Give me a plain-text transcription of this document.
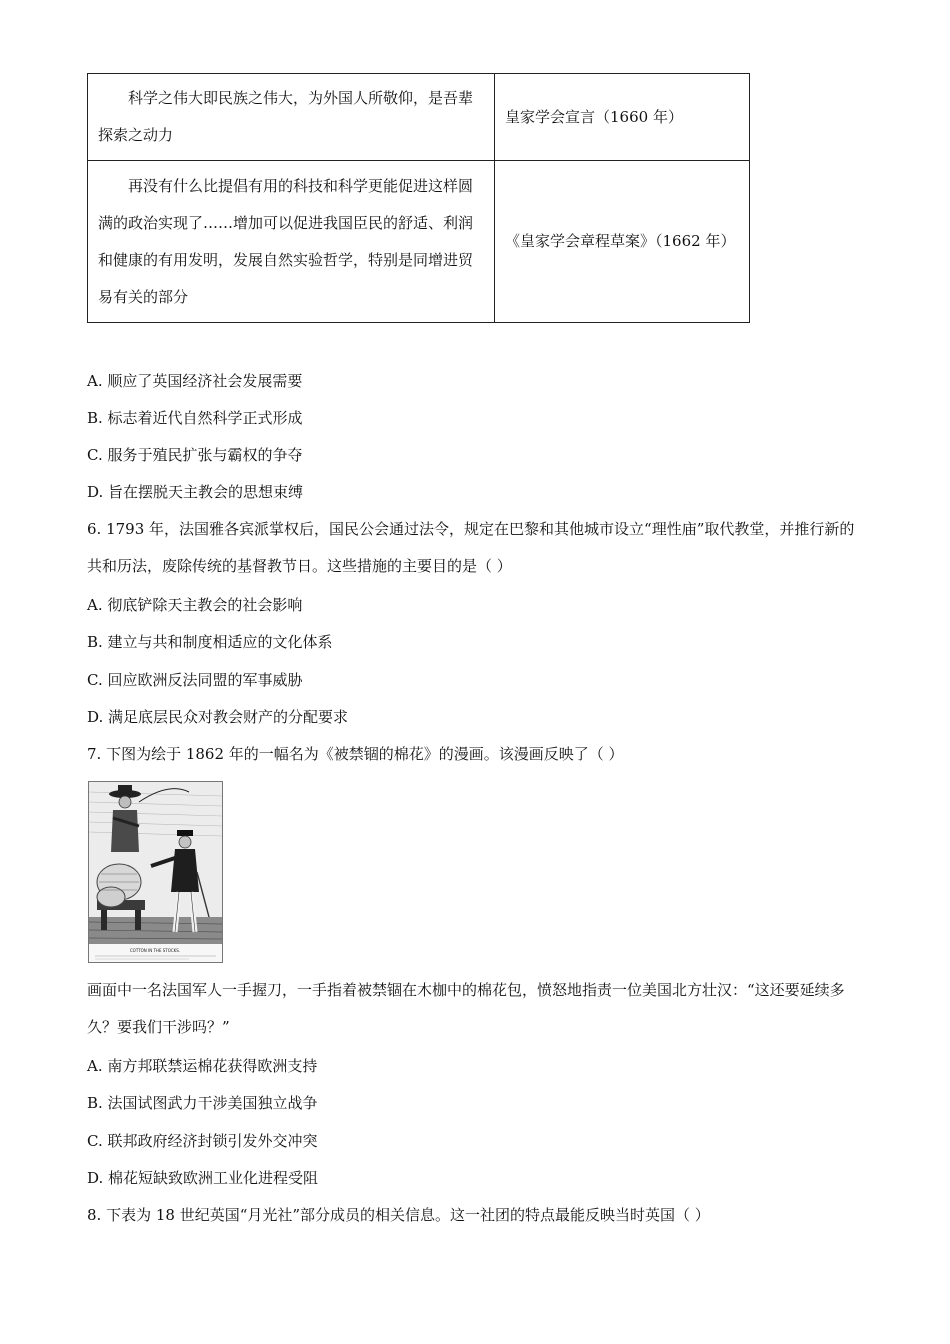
科学之伟大即民族之伟大，为外国人所敬仰，是吾辈探索之动力	皇家学会宣言（1660 年）

再没有什么比提倡有用的科技和科学更能促进这样圆满的政治实现了……增加可以促进我国臣民的舒适、利润和健康的有用发明，发展自然实验哲学，特别是同增进贸易有关的部分	《皇家学会章程草案》（1662 年）
A. 顺应了英国经济社会发展需要
B. 标志着近代自然科学正式形成
C. 服务于殖民扩张与霸权的争夺
D. 旨在摆脱天主教会的思想束缚
6. 1793 年，法国雅各宾派掌权后，国民公会通过法令，规定在巴黎和其他城市设立“理性庙”取代教堂，并推行新的共和历法，废除传统的基督教节日。这些措施的主要目的是（ ）
A. 彻底铲除天主教会的社会影响
B. 建立与共和制度相适应的文化体系
C. 回应欧洲反法同盟的军事威胁
D. 满足底层民众对教会财产的分配要求
7. 下图为绘于 1862 年的一幅名为《被禁锢的棉花》的漫画。该漫画反映了（ ）
COTTON IN THE STOCKS.
画面中一名法国军人一手握刀，一手指着被禁锢在木枷中的棉花包，愤怒地指责一位美国北方壮汉：“这还要延续多久？要我们干涉吗？”
A. 南方邦联禁运棉花获得欧洲支持
B. 法国试图武力干涉美国独立战争
C. 联邦政府经济封锁引发外交冲突
D. 棉花短缺致欧洲工业化进程受阻
8. 下表为 18 世纪英国“月光社”部分成员的相关信息。这一社团的特点最能反映当时英国（ ）
